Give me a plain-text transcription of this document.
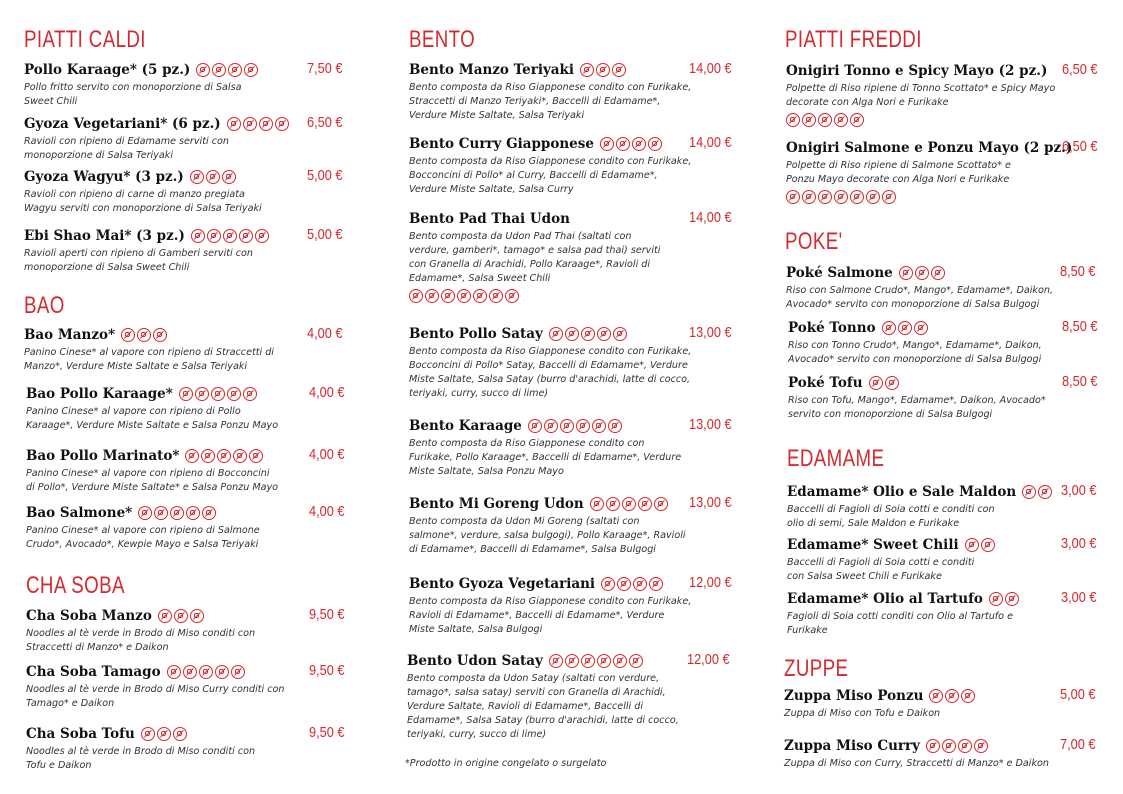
PIATTI CALDI
Pollo Karaage* (5 pz.)	7,50 €
Pollo fritto servito con monoporzione di Salsa
Sweet Chili
Gyoza Vegetariani* (6 pz.)	6,50 €
Ravioli con ripieno di Edamame serviti con
monoporzione di Salsa Teriyaki
Gyoza Wagyu* (3 pz.)	5,00 €
Ravioli con ripieno di carne di manzo pregiata
Wagyu serviti con monoporzione di Salsa Teriyaki
Ebi Shao Mai* (3 pz.)	5,00 €
Ravioli aperti con ripieno di Gamberi serviti con
monoporzione di Salsa Sweet Chili
BAO
Bao Manzo*	4,00 €
Panino Cinese* al vapore con ripieno di Straccetti di
Manzo*, Verdure Miste Saltate e Salsa Teriyaki
Bao Pollo Karaage*	4,00 €
Panino Cinese* al vapore con ripieno di Pollo
Karaage*, Verdure Miste Saltate e Salsa Ponzu Mayo
Bao Pollo Marinato*	4,00 €
Panino Cinese* al vapore con ripieno di Bocconcini
di Pollo*, Verdure Miste Saltate* e Salsa Ponzu Mayo
Bao Salmone*	4,00 €
Panino Cinese* al vapore con ripieno di Salmone
Crudo*, Avocado*, Kewpie Mayo e Salsa Teriyaki
CHA SOBA
Cha Soba Manzo	9,50 €
Noodles al tè verde in Brodo di Miso conditi con
Straccetti di Manzo* e Daikon
Cha Soba Tamago	9,50 €
Noodles al tè verde in Brodo di Miso Curry conditi con
Tamago* e Daikon
Cha Soba Tofu	9,50 €
Noodles al tè verde in Brodo di Miso conditi con
Tofu e Daikon
BENTO
Bento Manzo Teriyaki	14,00 €
Bento composta da Riso Giapponese condito con Furikake,
Straccetti di Manzo Teriyaki*, Baccelli di Edamame*,
Verdure Miste Saltate, Salsa Teriyaki
Bento Curry Giapponese	14,00 €
Bento composta da Riso Giapponese condito con Furikake,
Bocconcini di Pollo* al Curry, Baccelli di Edamame*,
Verdure Miste Saltate, Salsa Curry
Bento Pad Thai Udon	14,00 €
Bento composta da Udon Pad Thai (saltati con
verdure, gamberi*, tamago* e salsa pad thai) serviti
con Granella di Arachidi, Pollo Karaage*, Ravioli di
Edamame*, Salsa Sweet Chili
Bento Pollo Satay	13,00 €
Bento composta da Riso Giapponese condito con Furikake,
Bocconcini di Pollo* Satay, Baccelli di Edamame*, Verdure
Miste Saltate, Salsa Satay (burro d'arachidi, latte di cocco,
teriyaki, curry, succo di lime)
Bento Karaage	13,00 €
Bento composta da Riso Giapponese condito con
Furikake, Pollo Karaage*, Baccelli di Edamame*, Verdure
Miste Saltate, Salsa Ponzu Mayo
Bento Mi Goreng Udon	13,00 €
Bento composta da Udon Mi Goreng (saltati con
salmone*, verdure, salsa bulgogi), Pollo Karaage*, Ravioli
di Edamame*, Baccelli di Edamame*, Salsa Bulgogi
Bento Gyoza Vegetariani	12,00 €
Bento composta da Riso Giapponese condito con Furikake,
Ravioli di Edamame*, Baccelli di Edamame*, Verdure
Miste Saltate, Salsa Bulgogi
Bento Udon Satay	12,00 €
Bento composta da Udon Satay (saltati con verdure,
tamago*, salsa satay) serviti con Granella di Arachidi,
Verdure Saltate, Ravioli di Edamame*, Baccelli di
Edamame*, Salsa Satay (burro d'arachidi, latte di cocco,
teriyaki, curry, succo di lime)
*Prodotto in origine congelato o surgelato
PIATTI FREDDI
Onigiri Tonno e Spicy Mayo (2 pz.) 6,50 €
Polpette di Riso ripiene di Tonno Scottato* e Spicy Mayo
decorate con Alga Nori e Furikake
Onigiri Salmone e Ponzu Mayo (2 pz.)
6,50 €
Polpette di Riso ripiene di Salmone Scottato* e
Ponzu Mayo decorate con Alga Nori e Furikake
POKE'
Poké Salmone	8,50 €
Riso con Salmone Crudo*, Mango*, Edamame*, Daikon,
Avocado* servito con monoporzione di Salsa Bulgogi
Poké Tonno	8,50 €
Riso con Tonno Crudo*, Mango*, Edamame*, Daikon,
Avocado* servito con monoporzione di Salsa Bulgogi
Poké Tofu	8,50 €
Riso con Tofu, Mango*, Edamame*, Daikon, Avocado*
servito con monoporzione di Salsa Bulgogi
EDAMAME
Edamame* Olio e Sale Maldon	3,00 €
Baccelli di Fagioli di Soia cotti e conditi con
olio di semi, Sale Maldon e Furikake
Edamame* Sweet Chili	3,00 €
Baccelli di Fagioli di Soia cotti e conditi
con Salsa Sweet Chili e Furikake
Edamame* Olio al Tartufo	3,00 €
Fagioli di Soia cotti conditi con Olio al Tartufo e
Furikake
ZUPPE
Zuppa Miso Ponzu	5,00 €
Zuppa di Miso con Tofu e Daikon
Zuppa Miso Curry	7,00 €
Zuppa di Miso con Curry, Straccetti di Manzo* e Daikon
